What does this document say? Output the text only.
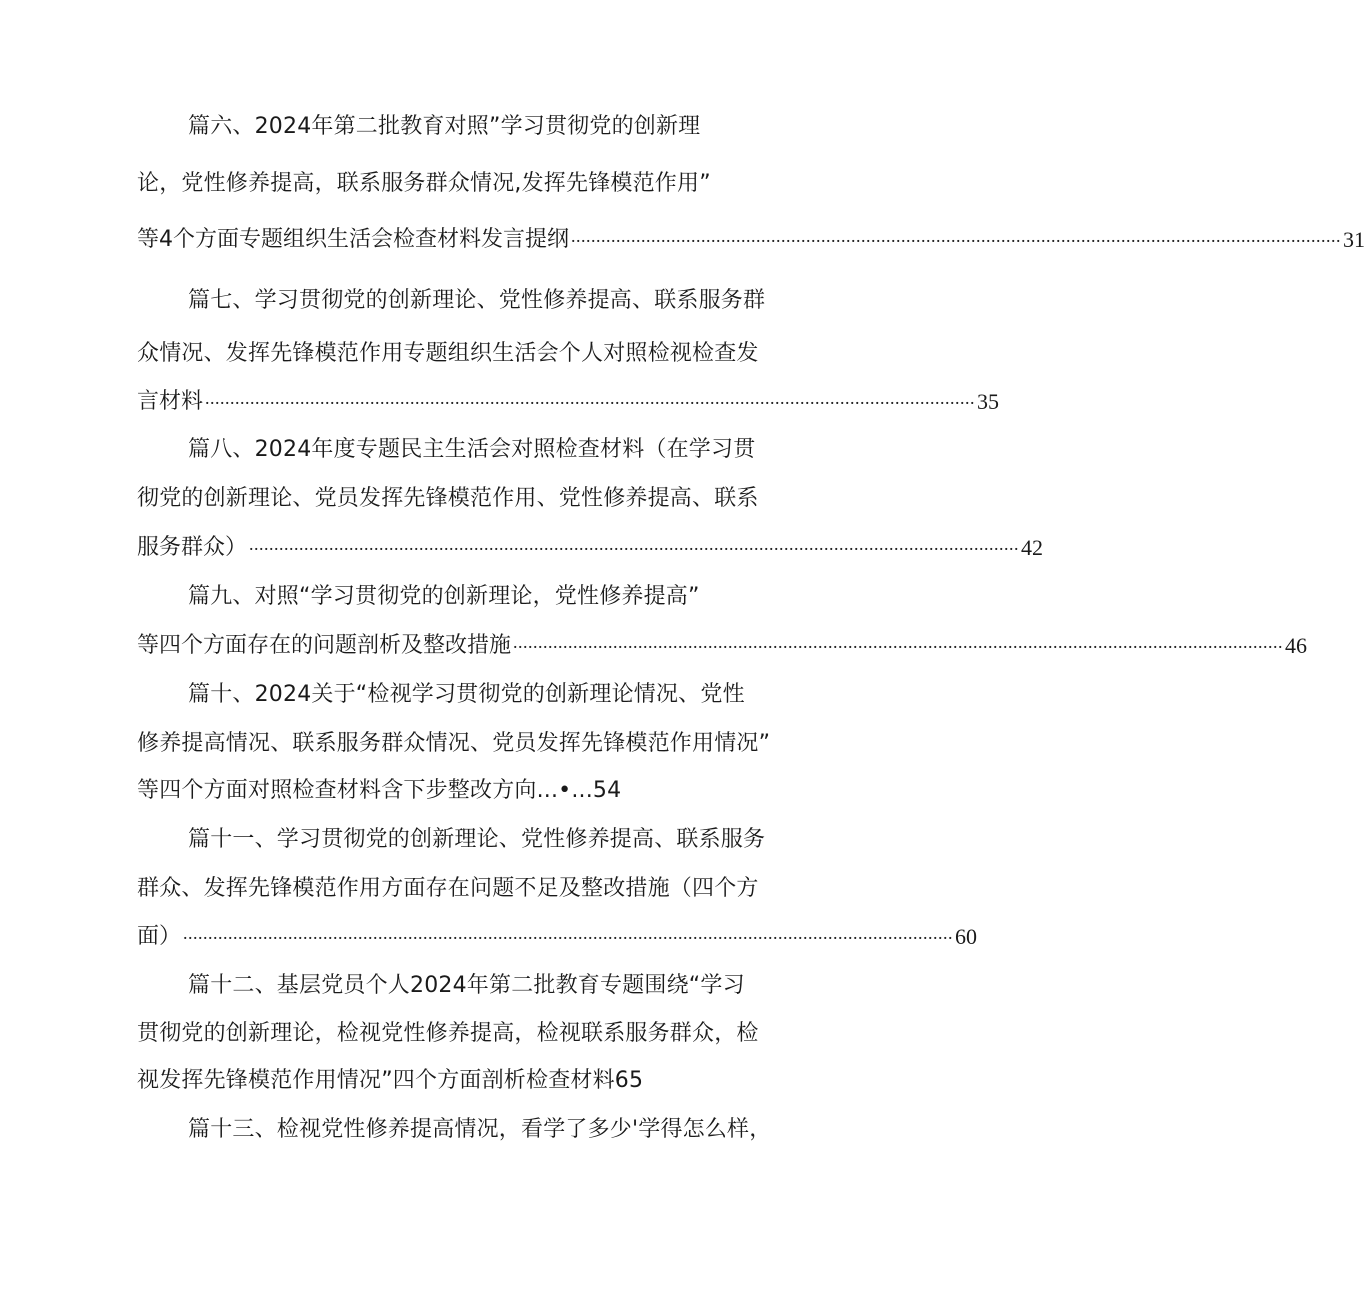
篇六、2024年第二批教育对照”学习贯彻党的创新理
论，党性修养提高，联系服务群众情况,发挥先锋模范作用”
等4个方面专题组织生活会检查材料发言提纲 .......................................................................................................................................................... 31
篇七、学习贯彻党的创新理论、党性修养提高、联系服务群
众情况、发挥先锋模范作用专题组织生活会个人对照检视检查发
言材料 .......................................................................................................................................................... 35
篇八、2024年度专题民主生活会对照检查材料（在学习贯
彻党的创新理论、党员发挥先锋模范作用、党性修养提高、联系
服务群众） .......................................................................................................................................................... 42
篇九、对照“学习贯彻党的创新理论，党性修养提高”
等四个方面存在的问题剖析及整改措施 .......................................................................................................................................................... 46
篇十、2024关于“检视学习贯彻党的创新理论情况、党性
修养提高情况、联系服务群众情况、党员发挥先锋模范作用情况”
等四个方面对照检查材料含下步整改方向...•...54
篇十一、学习贯彻党的创新理论、党性修养提高、联系服务
群众、发挥先锋模范作用方面存在问题不足及整改措施（四个方
面） .......................................................................................................................................................... 60
篇十二、基层党员个人2024年第二批教育专题围绕“学习
贯彻党的创新理论，检视党性修养提高，检视联系服务群众，检
视发挥先锋模范作用情况”四个方面剖析检查材料65
篇十三、检视党性修养提高情况，看学了多少'学得怎么样，
